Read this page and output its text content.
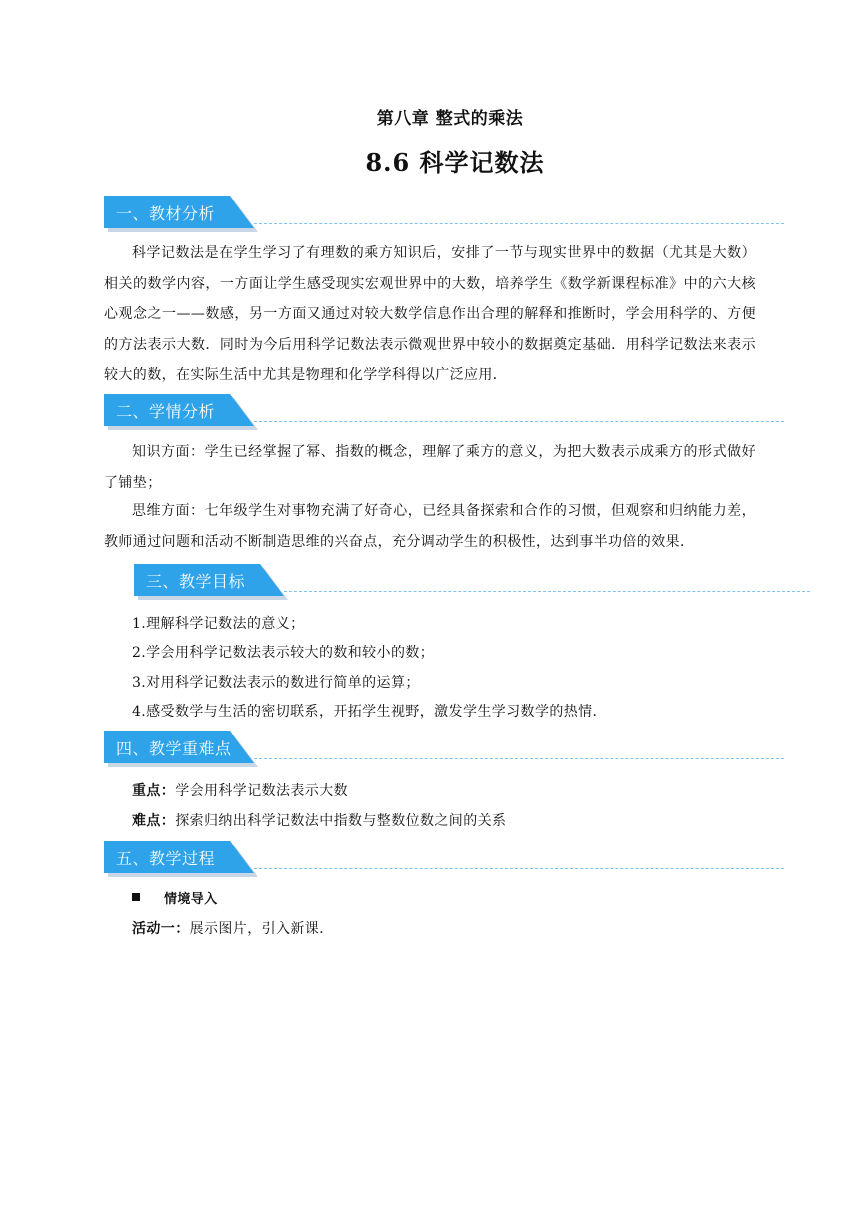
第八章 整式的乘法
8.6 科学记数法
一、教材分析
科学记数法是在学生学习了有理数的乘方知识后，安排了一节与现实世界中的数据（尤其是大数）相关的数学内容，一方面让学生感受现实宏观世界中的大数，培养学生《数学新课程标准》中的六大核心观念之一——数感，另一方面又通过对较大数学信息作出合理的解释和推断时，学会用科学的、方便的方法表示大数．同时为今后用科学记数法表示微观世界中较小的数据奠定基础．用科学记数法来表示较大的数，在实际生活中尤其是物理和化学学科得以广泛应用．
二、学情分析
知识方面：学生已经掌握了幂、指数的概念，理解了乘方的意义，为把大数表示成乘方的形式做好了铺垫；
思维方面：七年级学生对事物充满了好奇心，已经具备探索和合作的习惯，但观察和归纳能力差，教师通过问题和活动不断制造思维的兴奋点，充分调动学生的积极性，达到事半功倍的效果．
三、教学目标
1.理解科学记数法的意义；
2.学会用科学记数法表示较大的数和较小的数；
3.对用科学记数法表示的数进行简单的运算；
4.感受数学与生活的密切联系，开拓学生视野，激发学生学习数学的热情．
四、教学重难点
重点：学会用科学记数法表示大数
难点：探索归纳出科学记数法中指数与整数位数之间的关系
五、教学过程
情境导入
活动一：展示图片，引入新课．
